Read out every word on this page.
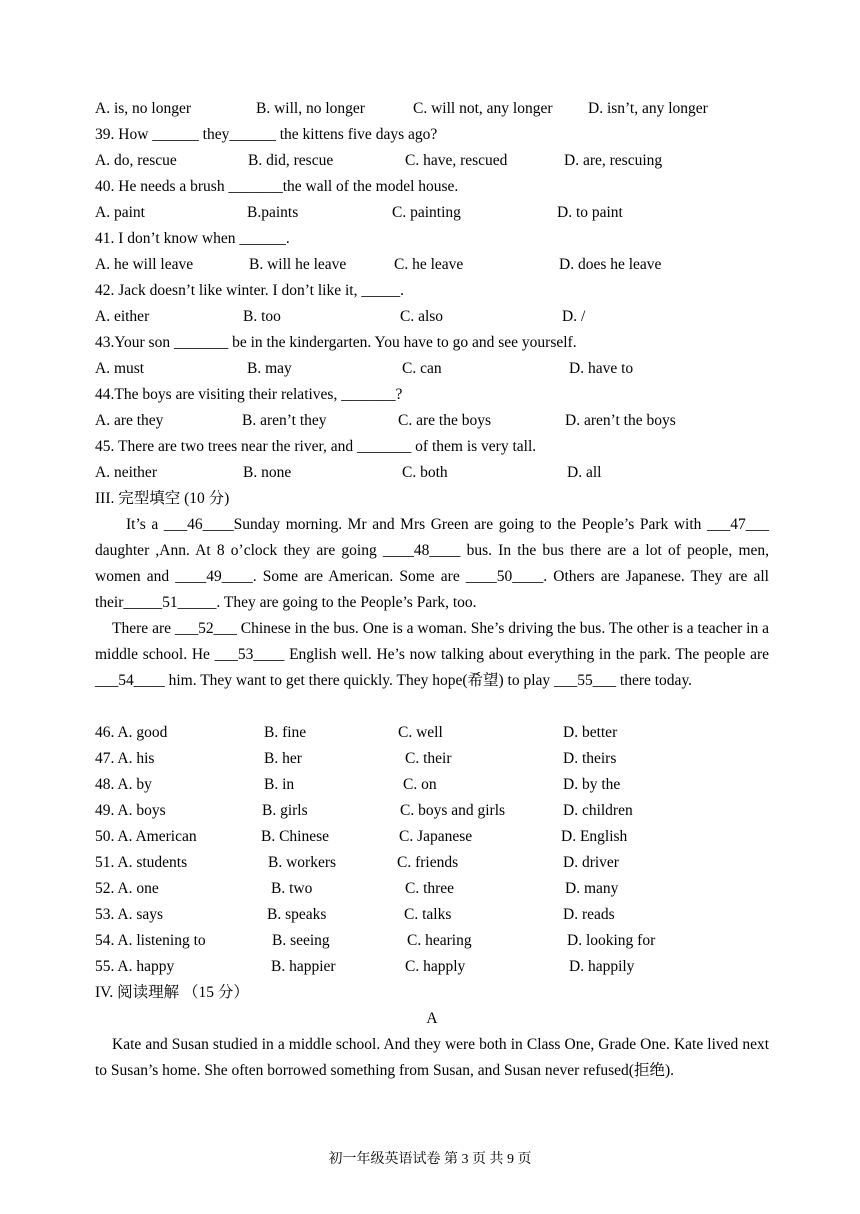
A. is, no longer	B. will, no longer	C. will not, any longer D. isn’t, any longer
39. How ______ they______ the kittens five days ago?
A. do, rescue	B. did, rescue	C. have, rescued	D. are, rescuing
40. He needs a brush _______the wall of the model house.
A. paint	B.paints	C. painting	D. to paint
41. I don’t know when ______.
A. he will leave	B. will he leave	C. he leave	D. does he leave
42. Jack doesn’t like winter. I don’t like it, _____.
A. either	B. too	C. also	D. /
43.Your son _______ be in the kindergarten. You have to go and see yourself.
A. must	B. may	C. can	D. have to
44.The boys are visiting their relatives, _______?
A. are they	B. aren’t they	C. are the boys	D. aren’t the boys
45. There are two trees near the river, and _______ of them is very tall.
A. neither	B. none	C. both	D. all
III. 完型填空 (10 分)

It’s a ___46____Sunday morning. Mr and Mrs Green are going to the People’s Park with ___47___ daughter ,Ann. At 8 o’clock they are going ____48____ bus. In the bus there are a lot of people, men, women and ____49____. Some are American. Some are ____50____. Others are Japanese. They are all their_____51_____. They are going to the People’s Park, too.

There are ___52___ Chinese in the bus. One is a woman. She’s driving the bus. The other is a teacher in a middle school. He ___53____ English well. He’s now talking about everything in the park. The people are ___54____ him. They want to get there quickly. They hope(希望) to play ___55___ there today.

46. A. good	B. fine	C. well	D. better
47. A. his	B. her	C. their	D. theirs
48. A. by	B. in	C. on	D. by the
49. A. boys	B. girls	C. boys and girls	D. children
50. A. American	B. Chinese	C. Japanese	D. English
51. A. students	B. workers	C. friends	D. driver
52. A. one	B. two	C. three	D. many
53. A. says	B. speaks	C. talks	D. reads
54. A. listening to	B. seeing	C. hearing	D. looking for
55. A. happy	B. happier	C. happly	D. happily
IV. 阅读理解 （15 分）
A

Kate and Susan studied in a middle school. And they were both in Class One, Grade One. Kate lived next to Susan’s home. She often borrowed something from Susan, and Susan never refused(拒绝).

初一年级英语试卷 第 3 页 共 9 页
